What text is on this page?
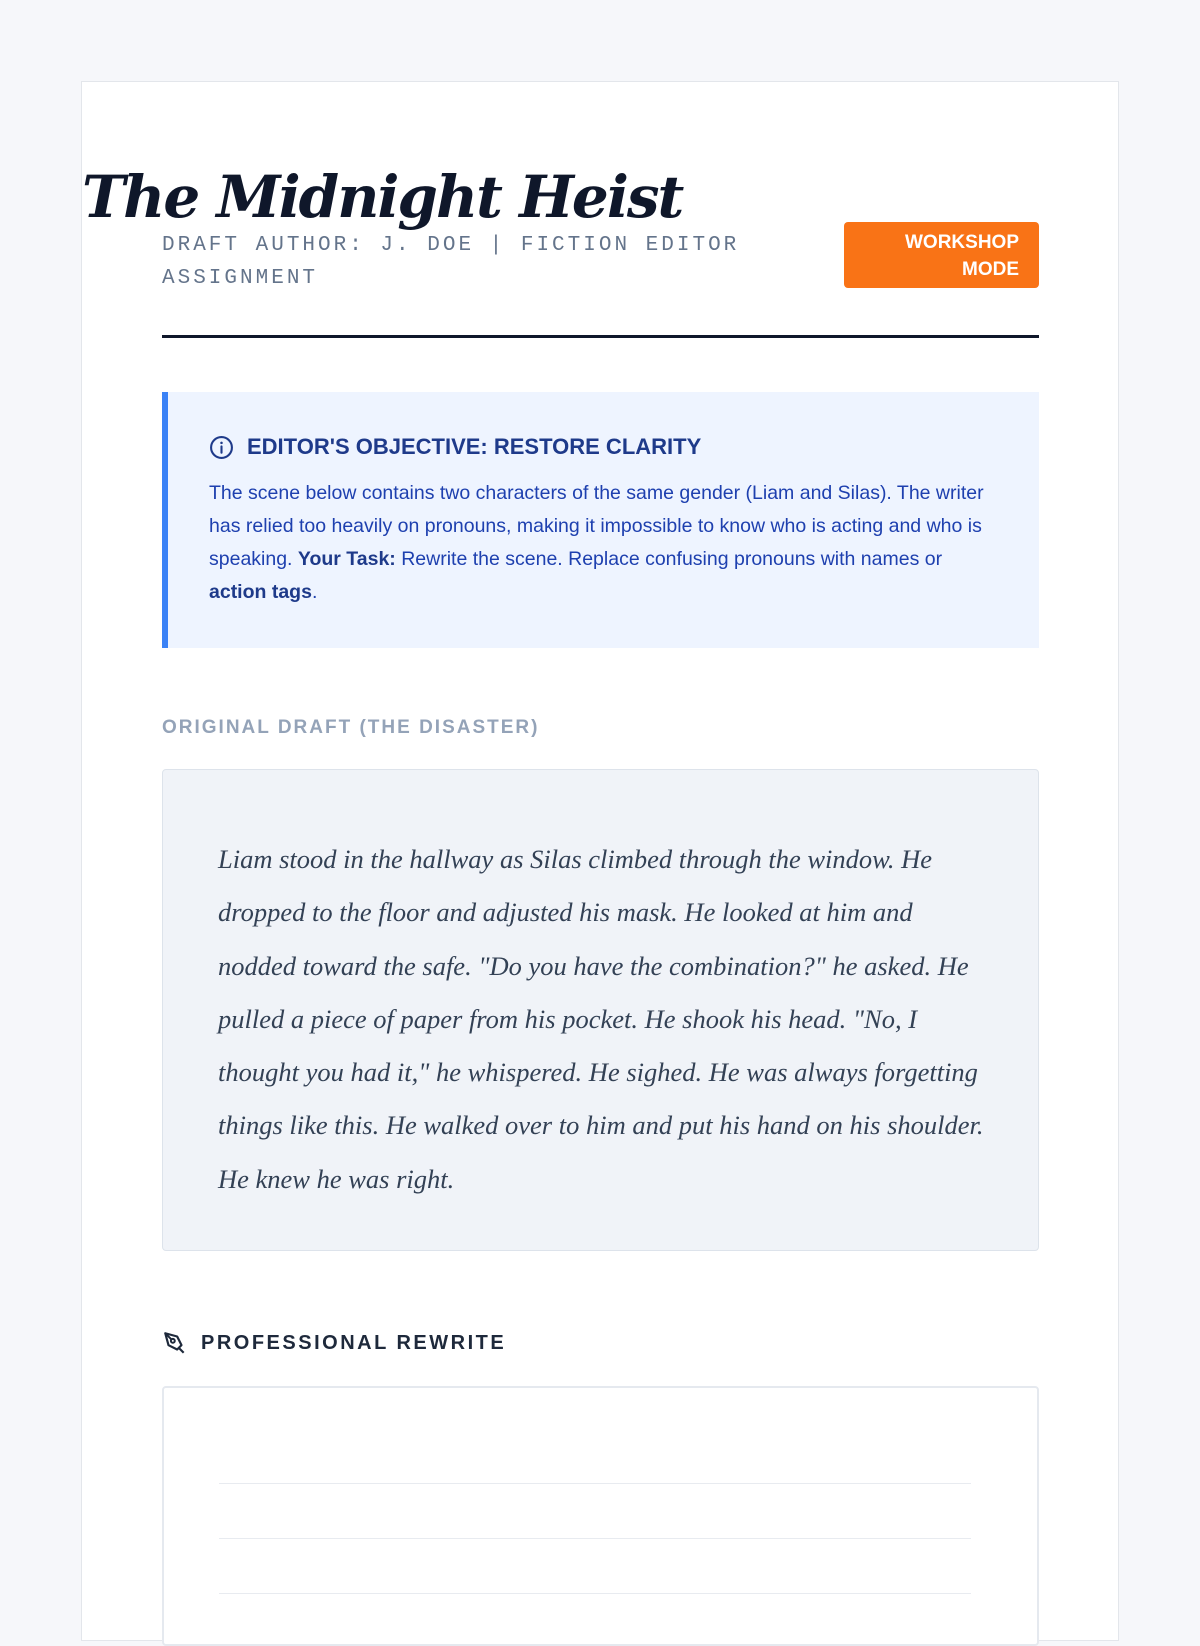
The Midnight Heist
DRAFT AUTHOR: J. DOE | FICTION EDITOR ASSIGNMENT
WORKSHOP MODE
EDITOR'S OBJECTIVE: RESTORE CLARITY
The scene below contains two characters of the same gender (Liam and Silas). The writer has relied too heavily on pronouns, making it impossible to know who is acting and who is speaking. Your Task: Rewrite the scene. Replace confusing pronouns with names or action tags.
ORIGINAL DRAFT (THE DISASTER)
Liam stood in the hallway as Silas climbed through the window. He dropped to the floor and adjusted his mask. He looked at him and nodded toward the safe. "Do you have the combination?" he asked. He pulled a piece of paper from his pocket. He shook his head. "No, I thought you had it," he whispered. He sighed. He was always forgetting things like this. He walked over to him and put his hand on his shoulder. He knew he was right.
PROFESSIONAL REWRITE
